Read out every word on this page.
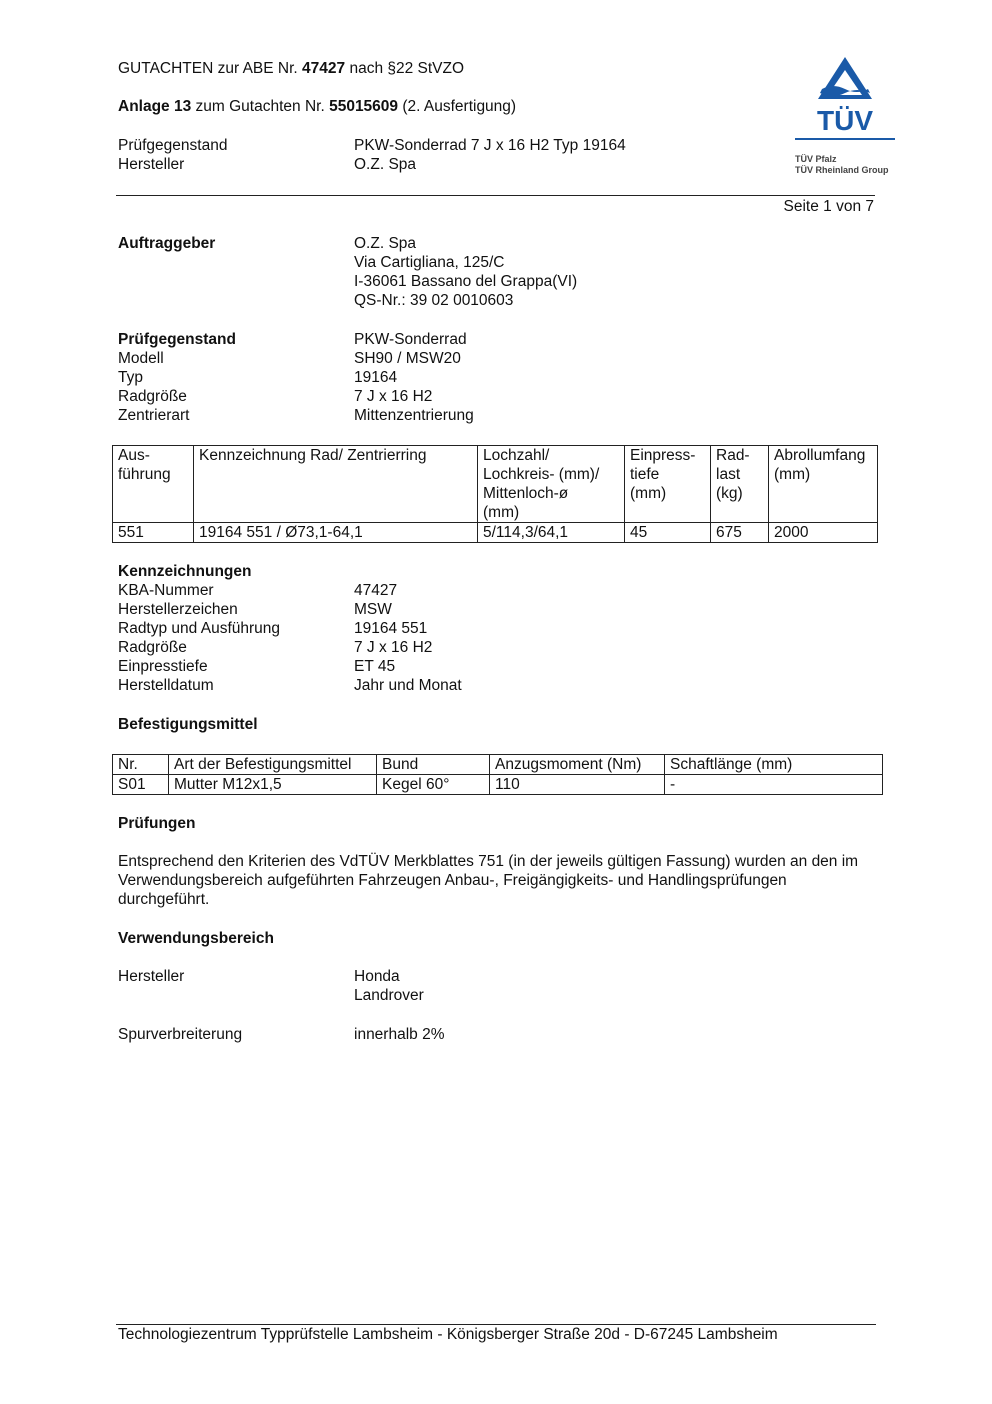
GUTACHTEN zur ABE Nr. 47427 nach §22 StVZO
Anlage 13 zum Gutachten Nr. 55015609 (2. Ausfertigung)
Prüfgegenstand	PKW-Sonderrad 7 J x 16 H2 Typ 19164
Hersteller	O.Z. Spa
TÜV
TÜV Pfalz
TÜV Rheinland Group
Seite 1 von 7
Auftraggeber	O.Z. Spa
Via Cartigliana, 125/C
I-36061 Bassano del Grappa(VI)
QS-Nr.: 39 02 0010603
Prüfgegenstand	PKW-Sonderrad
Modell	SH90 / MSW20
Typ	19164
Radgröße	7 J x 16 H2
Zentrierart	Mittenzentrierung
Aus-
führung	Kennzeichnung Rad/ Zentrierring	Lochzahl/
Lochkreis- (mm)/
Mittenloch-ø
(mm)	Einpress-
tiefe
(mm)	Rad-
last
(kg)	Abrollumfang
(mm)
551	19164 551 / Ø73,1-64,1	5/114,3/64,1	45	675	2000
Kennzeichnungen
KBA-Nummer	47427
Herstellerzeichen	MSW
Radtyp und Ausführung	19164 551
Radgröße	7 J x 16 H2
Einpresstiefe	ET 45
Herstelldatum	Jahr und Monat
Befestigungsmittel
Nr.	Art der Befestigungsmittel	Bund	Anzugsmoment (Nm)	Schaftlänge (mm)
S01	Mutter M12x1,5	Kegel 60°	110	-
Prüfungen
Entsprechend den Kriterien des VdTÜV Merkblattes 751 (in der jeweils gültigen Fassung) wurden an den im Verwendungsbereich aufgeführten Fahrzeugen Anbau-, Freigängigkeits- und Handlingsprüfungen durchgeführt.
Verwendungsbereich
Hersteller	Honda
Landrover
Spurverbreiterung	innerhalb 2%
Technologiezentrum Typprüfstelle Lambsheim - Königsberger Straße 20d - D-67245 Lambsheim
